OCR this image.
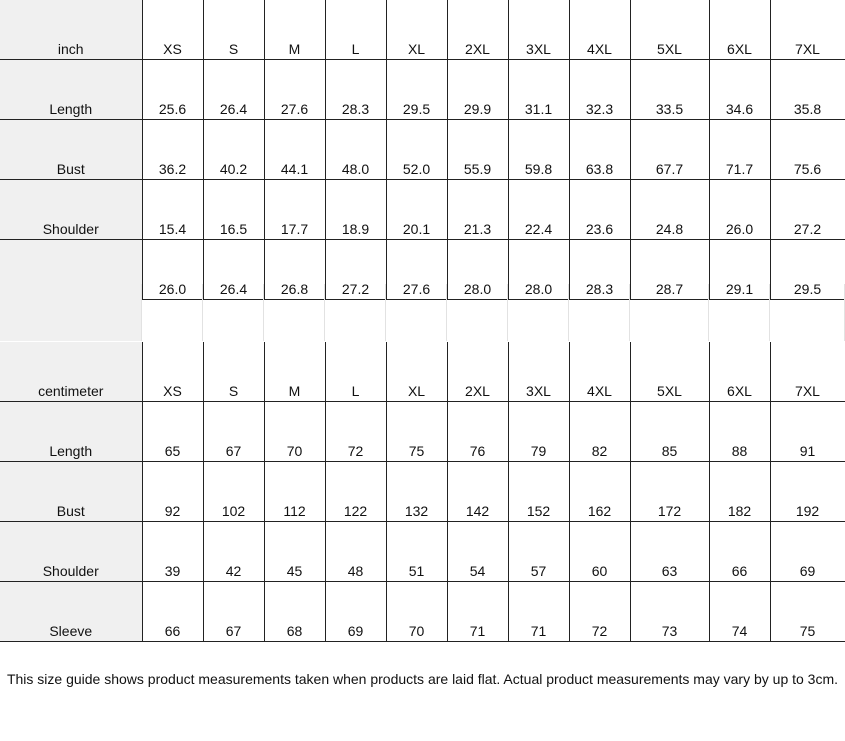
inch	XS	S	M	L	XL	2XL	3XL	4XL	5XL	6XL	7XL
Length	25.6	26.4	27.6	28.3	29.5	29.9	31.1	32.3	33.5	34.6	35.8
Bust	36.2	40.2	44.1	48.0	52.0	55.9	59.8	63.8	67.7	71.7	75.6
Shoulder	15.4	16.5	17.7	18.9	20.1	21.3	22.4	23.6	24.8	26.0	27.2
	26.0	26.4	26.8	27.2	27.6	28.0	28.0	28.3	28.7	29.1	29.5
centimeter	XS	S	M	L	XL	2XL	3XL	4XL	5XL	6XL	7XL
Length	65	67	70	72	75	76	79	82	85	88	91
Bust	92	102	112	122	132	142	152	162	172	182	192
Shoulder	39	42	45	48	51	54	57	60	63	66	69
Sleeve	66	67	68	69	70	71	71	72	73	74	75
This size guide shows product measurements taken when products are laid flat. Actual product measurements may vary by up to 3cm.
